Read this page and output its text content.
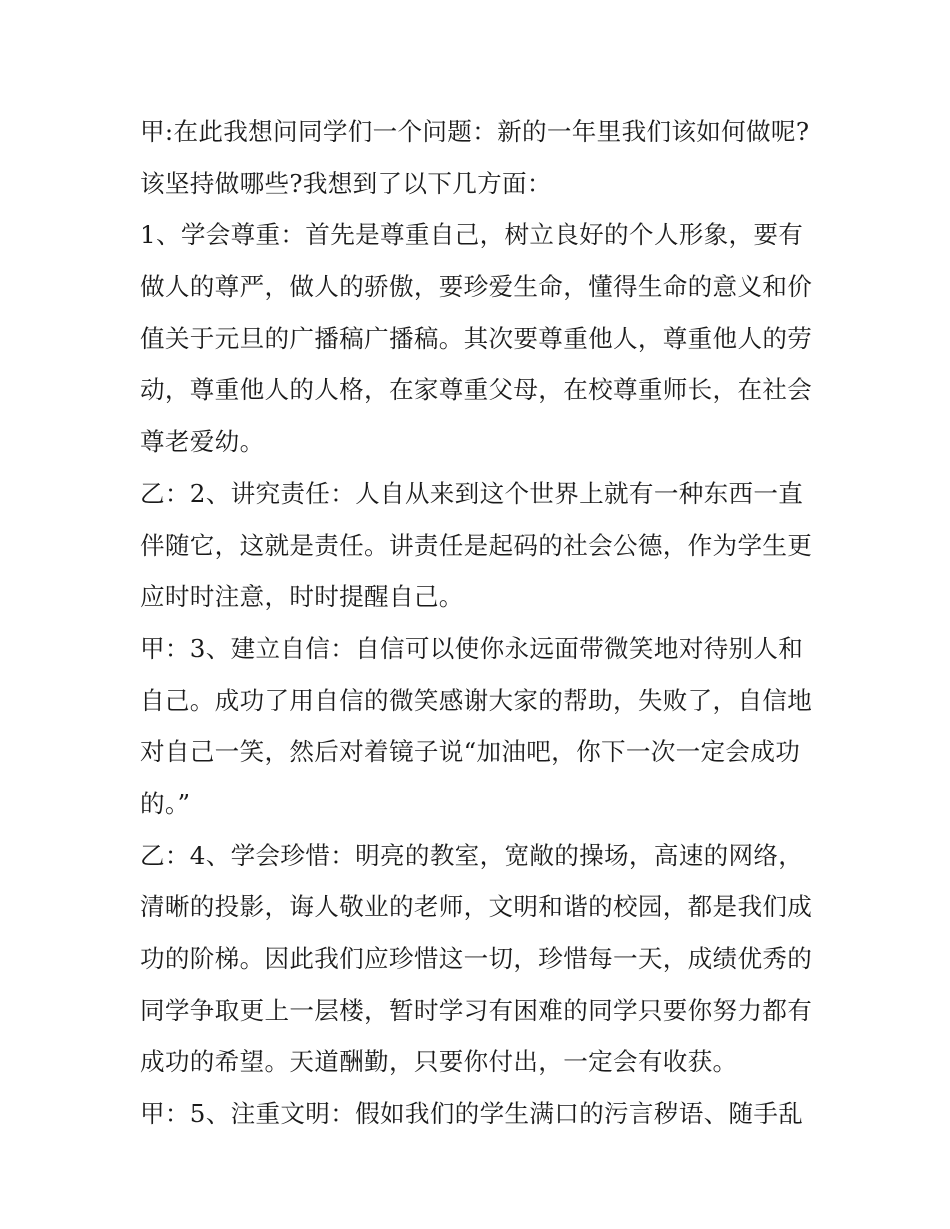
甲:在此我想问同学们一个问题：新的一年里我们该如何做呢?
该坚持做哪些?我想到了以下几方面：
1、学会尊重：首先是尊重自己，树立良好的个人形象，要有
做人的尊严，做人的骄傲，要珍爱生命，懂得生命的意义和价
值关于元旦的广播稿广播稿。其次要尊重他人，尊重他人的劳
动，尊重他人的人格，在家尊重父母，在校尊重师长，在社会
尊老爱幼。
乙：2、讲究责任：人自从来到这个世界上就有一种东西一直
伴随它，这就是责任。讲责任是起码的社会公德，作为学生更
应时时注意，时时提醒自己。
甲：3、建立自信：自信可以使你永远面带微笑地对待别人和
自己。成功了用自信的微笑感谢大家的帮助，失败了，自信地
对自己一笑，然后对着镜子说“加油吧，你下一次一定会成功
的。”
乙：4、学会珍惜：明亮的教室，宽敞的操场，高速的网络，
清晰的投影，诲人敬业的老师，文明和谐的校园，都是我们成
功的阶梯。因此我们应珍惜这一切，珍惜每一天，成绩优秀的
同学争取更上一层楼，暂时学习有困难的同学只要你努力都有
成功的希望。天道酬勤，只要你付出，一定会有收获。
甲：5、注重文明：假如我们的学生满口的污言秽语、随手乱
